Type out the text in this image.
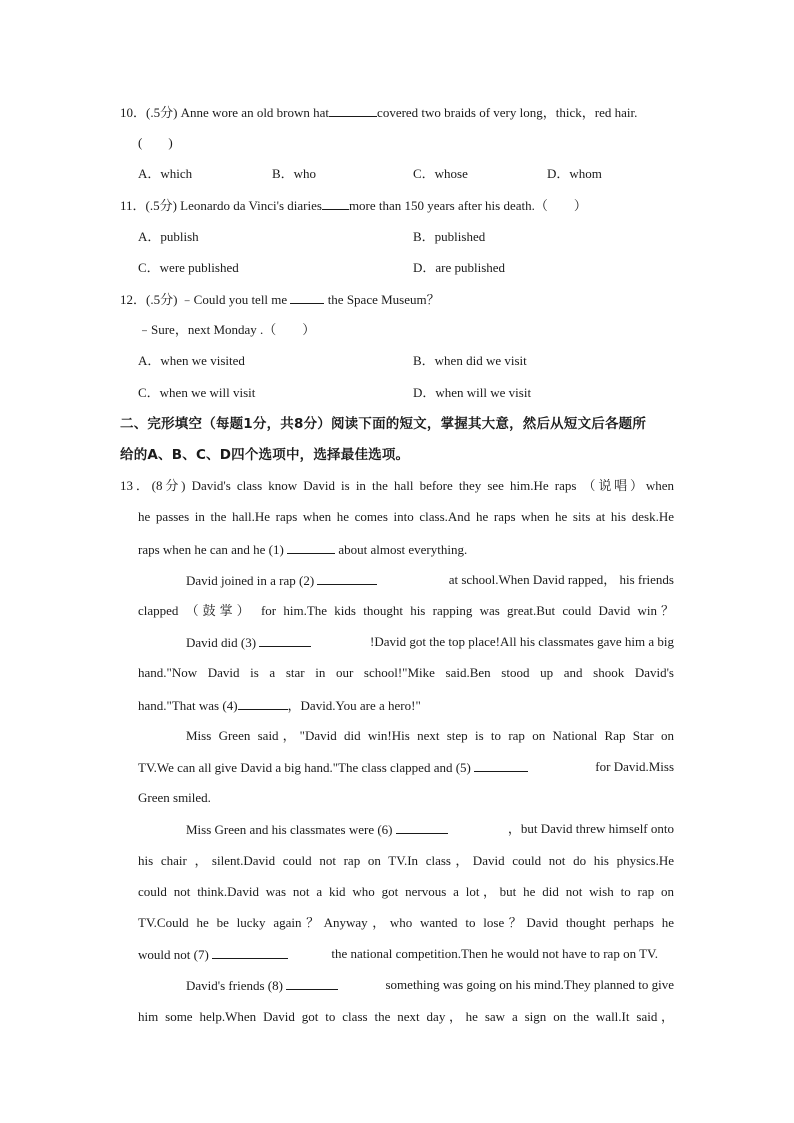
10．(.5分) Anne wore an old brown hat	covered two braids of very long，thick，red hair.
(　　)
A．which	B．who	C．whose	D．whom
11．(.5分) Leonardo da Vinci's diaries more than 150 years after his death.（　　）
A．publish	B．published
C．were published	D．are published
12．(.5分) ﹣Could you tell me	the Space Museum？
﹣Sure，next Monday .（　　）
A．when we visited	B．when did we visit
C．when we will visit	D．when will we visit
二、完形填空（每题1分，共8分）阅读下面的短文，掌握其大意，然后从短文后各题所
给的A、B、C、D四个选项中，选择最佳选项。
13．(8分) David's class know David is in the hall before they see him.He raps （说唱）when
he passes in the hall.He raps when he comes into class.And he raps when he sits at his desk.He
raps when he can and he (1)	about almost everything.
David joined in a rap (2)	at school.When David rapped， his friends
clapped （鼓掌） for him.The kids thought his rapping was great.But could David win？
David did (3)	!David got the top place!All his classmates gave him a big
hand."Now David is a star in our school!"Mike said.Ben stood up and shook David's
hand."That was (4)	，David.You are a hero!"
Miss Green said，"David did win!His next step is to rap on National Rap Star on
TV.We can all give David a big hand."The class clapped and (5)	for David.Miss
Green smiled.
Miss Green and his classmates were (6)	，but David threw himself onto
his chair ，silent.David could not rap on TV.In class，David could not do his physics.He
could not think.David was not a kid who got nervous a lot，but he did not wish to rap on
TV.Could he be lucky again？Anyway，who wanted to lose？David thought perhaps he
would not (7)	the national competition.Then he would not have to rap on TV.
David's friends (8)	something was going on his mind.They planned to give
him some help.When David got to class the next day，he saw a sign on the wall.It said，
